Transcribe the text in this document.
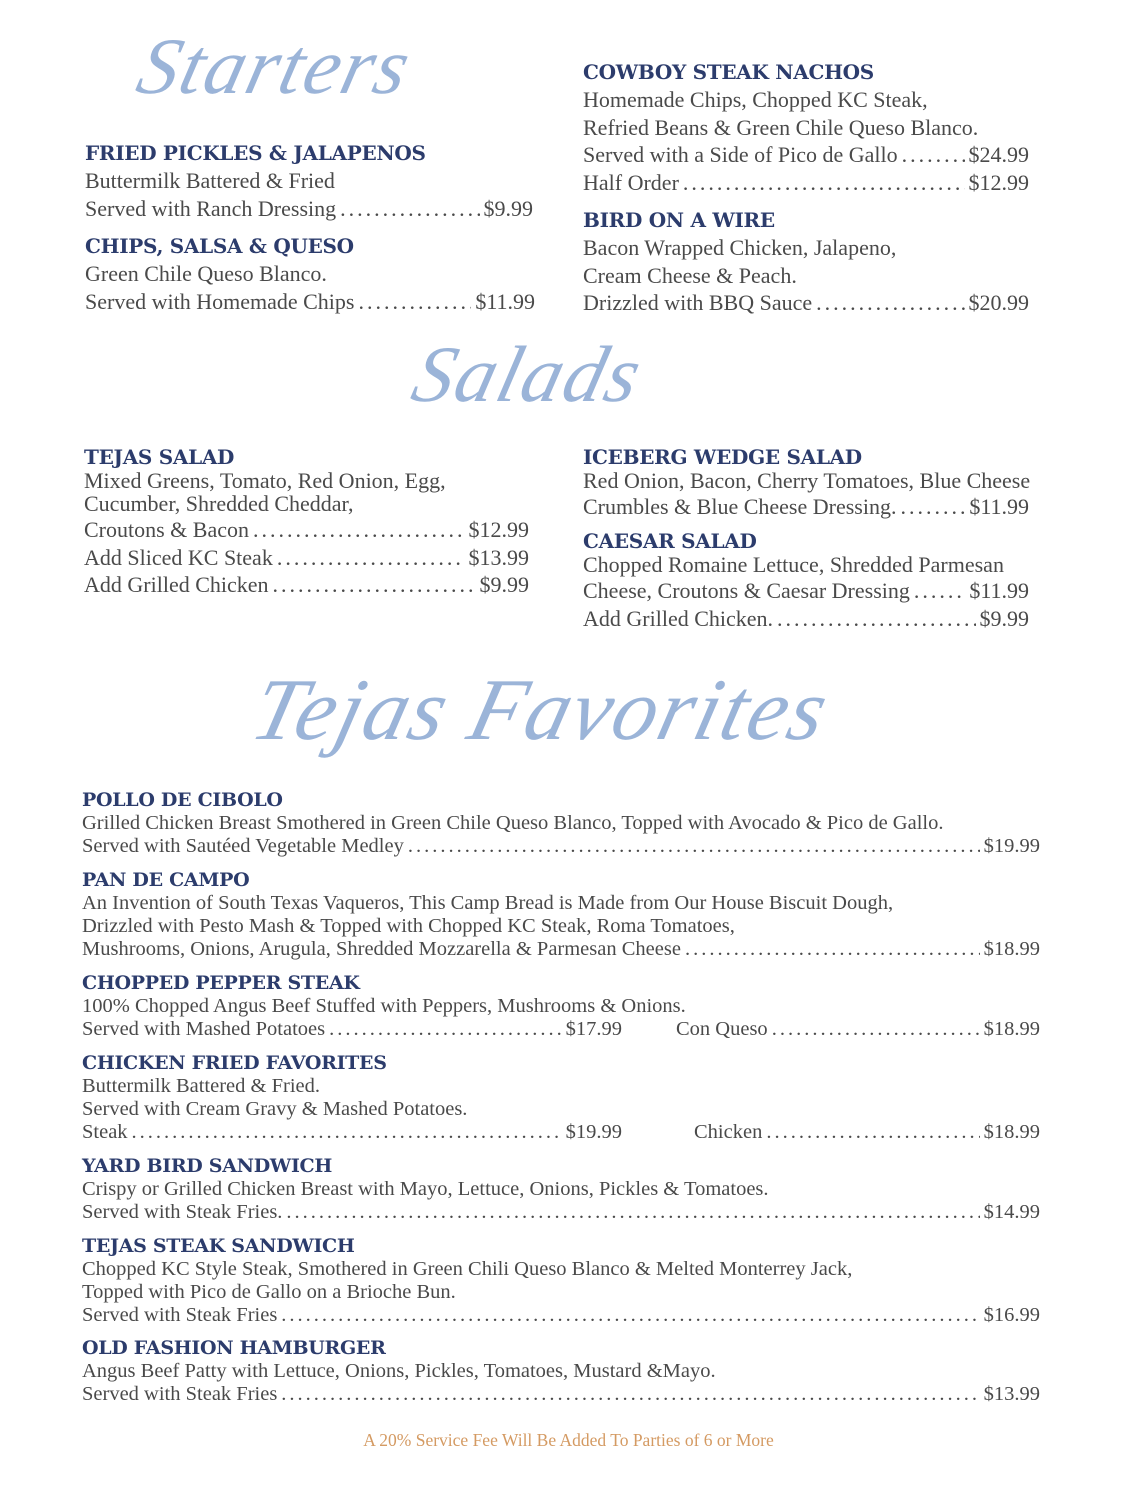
Starters
Salads
Tejas Favorites
FRIED PICKLES & JALAPENOS
Buttermilk Battered & Fried
Served with Ranch Dressing .....	$9.99
CHIPS, SALSA & QUESO
Green Chile Queso Blanco.
Served with Homemade Chips .....	$11.99
COWBOY STEAK NACHOS
Homemade Chips, Chopped KC Steak,
Refried Beans & Green Chile Queso Blanco.
Served with a Side of Pico de Gallo .....	$24.99
Half Order .....	$12.99
BIRD ON A WIRE
Bacon Wrapped Chicken, Jalapeno,
Cream Cheese & Peach.
Drizzled with BBQ Sauce .....	$20.99
TEJAS SALAD
Mixed Greens, Tomato, Red Onion, Egg,
Cucumber, Shredded Cheddar,
Croutons & Bacon .....	$12.99
Add Sliced KC Steak .....	$13.99
Add Grilled Chicken .....	$9.99
ICEBERG WEDGE SALAD
Red Onion, Bacon, Cherry Tomatoes, Blue Cheese
Crumbles & Blue Cheese Dressing. .....	$11.99
CAESAR SALAD
Chopped Romaine Lettuce, Shredded Parmesan
Cheese, Croutons & Caesar Dressing .....	$11.99
Add Grilled Chicken. .....	$9.99
POLLO DE CIBOLO
Grilled Chicken Breast Smothered in Green Chile Queso Blanco, Topped with Avocado & Pico de Gallo.
Served with Sautéed Vegetable Medley .....	$19.99
PAN DE CAMPO
An Invention of South Texas Vaqueros, This Camp Bread is Made from Our House Biscuit Dough,
Drizzled with Pesto Mash & Topped with Chopped KC Steak, Roma Tomatoes,
Mushrooms, Onions, Arugula, Shredded Mozzarella & Parmesan Cheese .....	$18.99
CHOPPED PEPPER STEAK
100% Chopped Angus Beef Stuffed with Peppers, Mushrooms & Onions.
Served with Mashed Potatoes .....	$17.99	Con Queso .....	$18.99
CHICKEN FRIED FAVORITES
Buttermilk Battered & Fried.
Served with Cream Gravy & Mashed Potatoes.
Steak .....	$19.99	Chicken .....	$18.99
YARD BIRD SANDWICH
Crispy or Grilled Chicken Breast with Mayo, Lettuce, Onions, Pickles & Tomatoes.
Served with Steak Fries. .....	$14.99
TEJAS STEAK SANDWICH
Chopped KC Style Steak, Smothered in Green Chili Queso Blanco & Melted Monterrey Jack,
Topped with Pico de Gallo on a Brioche Bun.
Served with Steak Fries .....	$16.99
OLD FASHION HAMBURGER
Angus Beef Patty with Lettuce, Onions, Pickles, Tomatoes, Mustard &Mayo.
Served with Steak Fries .....	$13.99
A 20% Service Fee Will Be Added To Parties of 6 or More
